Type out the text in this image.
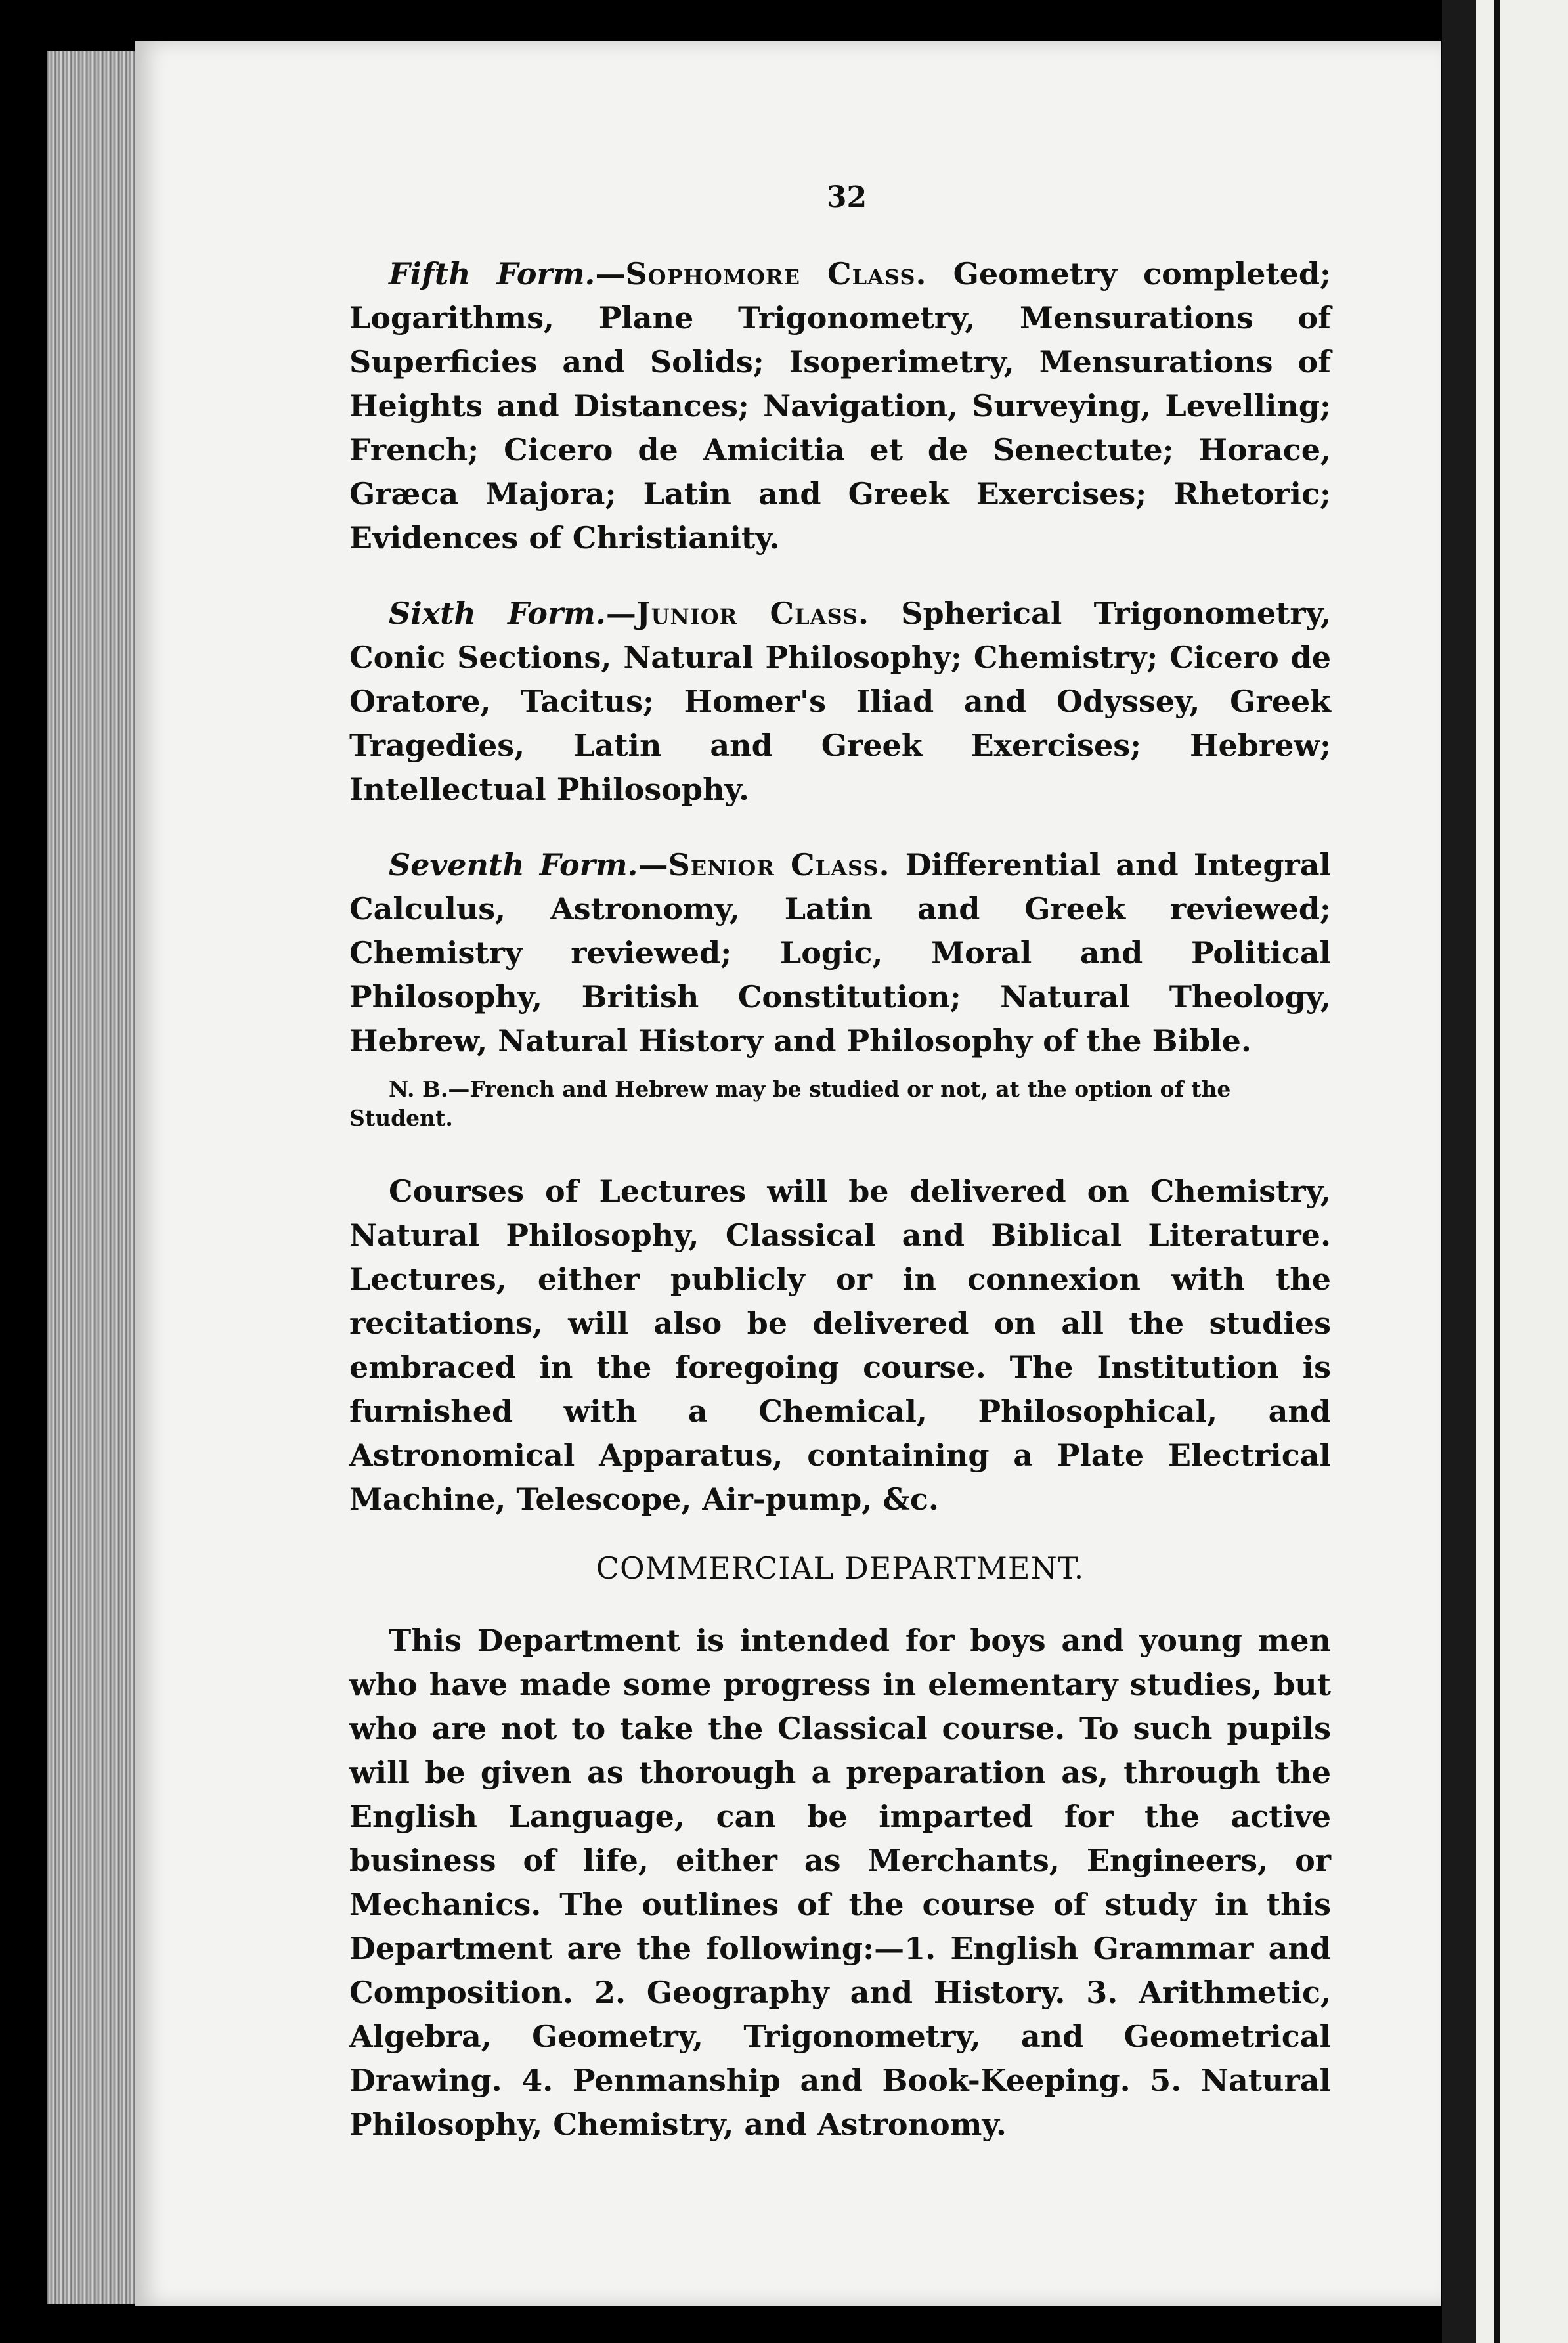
32

Fifth Form.—Sophomore Class. Geometry completed; Logarithms, Plane Trigonometry, Mensurations of Superficies and Solids; Isoperimetry, Mensurations of Heights and Distances; Navigation, Surveying, Levelling; French; Cicero de Amicitia et de Senectute; Horace, Græca Majora; Latin and Greek Exercises; Rhetoric; Evidences of Christianity.

Sixth Form.—Junior Class. Spherical Trigonometry, Conic Sections, Natural Philosophy; Chemistry; Cicero de Oratore, Tacitus; Homer's Iliad and Odyssey, Greek Tragedies, Latin and Greek Exercises; Hebrew; Intellectual Philosophy.

Seventh Form.—Senior Class. Differential and Integral Calculus, Astronomy, Latin and Greek reviewed; Chemistry reviewed; Logic, Moral and Political Philosophy, British Constitution; Natural Theology, Hebrew, Natural History and Philosophy of the Bible.

N. B.—French and Hebrew may be studied or not, at the option of the Student.

Courses of Lectures will be delivered on Chemistry, Natural Philosophy, Classical and Biblical Literature. Lectures, either publicly or in connexion with the recitations, will also be delivered on all the studies embraced in the foregoing course. The Institution is furnished with a Chemical, Philosophical, and Astronomical Apparatus, containing a Plate Electrical Machine, Telescope, Air-pump, &c.

COMMERCIAL DEPARTMENT.

This Department is intended for boys and young men who have made some progress in elementary studies, but who are not to take the Classical course. To such pupils will be given as thorough a preparation as, through the English Language, can be imparted for the active business of life, either as Merchants, Engineers, or Mechanics. The outlines of the course of study in this Department are the following:—1. English Grammar and Composition. 2. Geography and History. 3. Arithmetic, Algebra, Geometry, Trigonometry, and Geometrical Drawing. 4. Penmanship and Book-Keeping. 5. Natural Philosophy, Chemistry, and Astronomy.
